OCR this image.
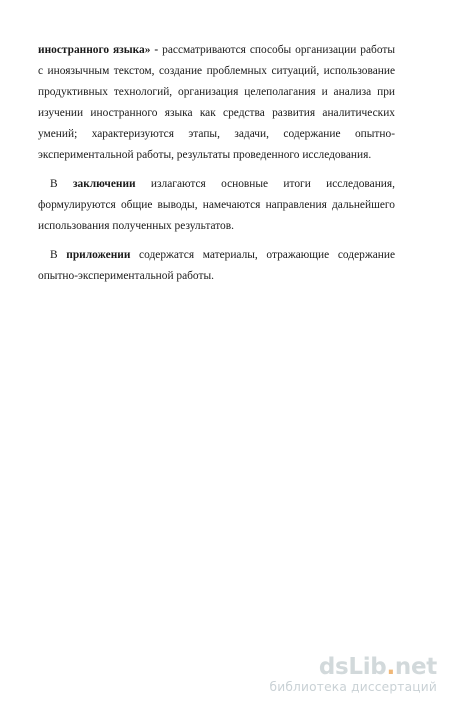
иностранного языка» - рассматриваются способы организации работы с иноязычным текстом, создание проблемных ситуаций, использование продуктивных технологий, организация целеполагания и анализа при изучении иностранного языка как средства развития аналитических умений; характеризуются этапы, задачи, содержание опытно-экспериментальной работы, результаты проведенного исследования.

В заключении излагаются основные итоги исследования, формулируются общие выводы, намечаются направления дальнейшего использования полученных результатов.

В приложении содержатся материалы, отражающие содержание опытно-экспериментальной работы.

dsLib.net
библиотека диссертаций
